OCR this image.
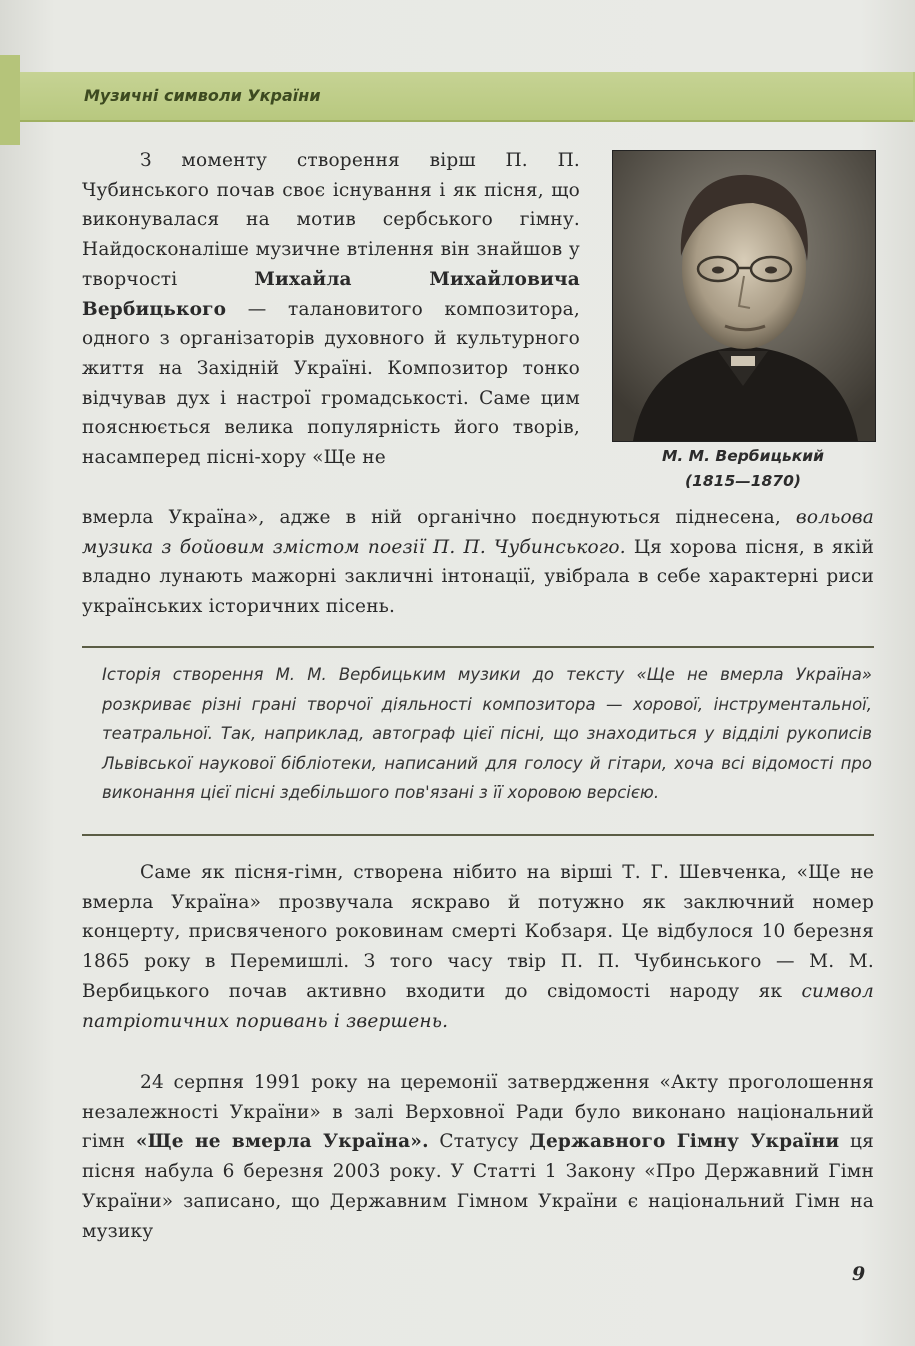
Музичні символи України
З моменту створення вірш П. П. Чубинського почав своє існування і як пісня, що виконувалася на мотив сербського гімну. Найдосконаліше музичне втілення він знайшов у творчості Михайла Михайловича Вербицького — талановитого композитора, одного з організаторів духовного й культурного життя на Західній Україні. Композитор тонко відчував дух і настрої громадськості. Саме цим пояснюється велика популярність його творів, насамперед пісні-хору «Ще не	М. М. Вербицький
(1815—1870)
вмерла Україна», адже в ній органічно поєднуються піднесена, вольова музика з бойовим змістом поезії П. П. Чубинського. Ця хорова пісня, в якій владно лунають мажорні закличні інтонації, увібрала в себе характерні риси українських історичних пісень.
Історія створення М. М. Вербицьким музики до тексту «Ще не вмерла Україна» розкриває різні грані творчої діяльності композитора — хорової, інструментальної, театральної. Так, наприклад, автограф цієї пісні, що знаходиться у відділі рукописів Львівської наукової бібліотеки, написаний для голосу й гітари, хоча всі відомості про виконання цієї пісні здебільшого пов'язані з її хоровою версією.
Саме як пісня-гімн, створена нібито на вірші Т. Г. Шевченка, «Ще не вмерла Україна» прозвучала яскраво й потужно як заключний номер концерту, присвяченого роковинам смерті Кобзаря. Це відбулося 10 березня 1865 року в Перемишлі. З того часу твір П. П. Чубинського — М. М. Вербицького почав активно входити до свідомості народу як символ патріотичних поривань і звершень.
24 серпня 1991 року на церемонії затвердження «Акту проголошення незалежності України» в залі Верховної Ради було виконано національний гімн «Ще не вмерла Україна». Статусу Державного Гімну України ця пісня набула 6 березня 2003 року. У Статті 1 Закону «Про Державний Гімн України» записано, що Державним Гімном України є національний Гімн на музику
9
